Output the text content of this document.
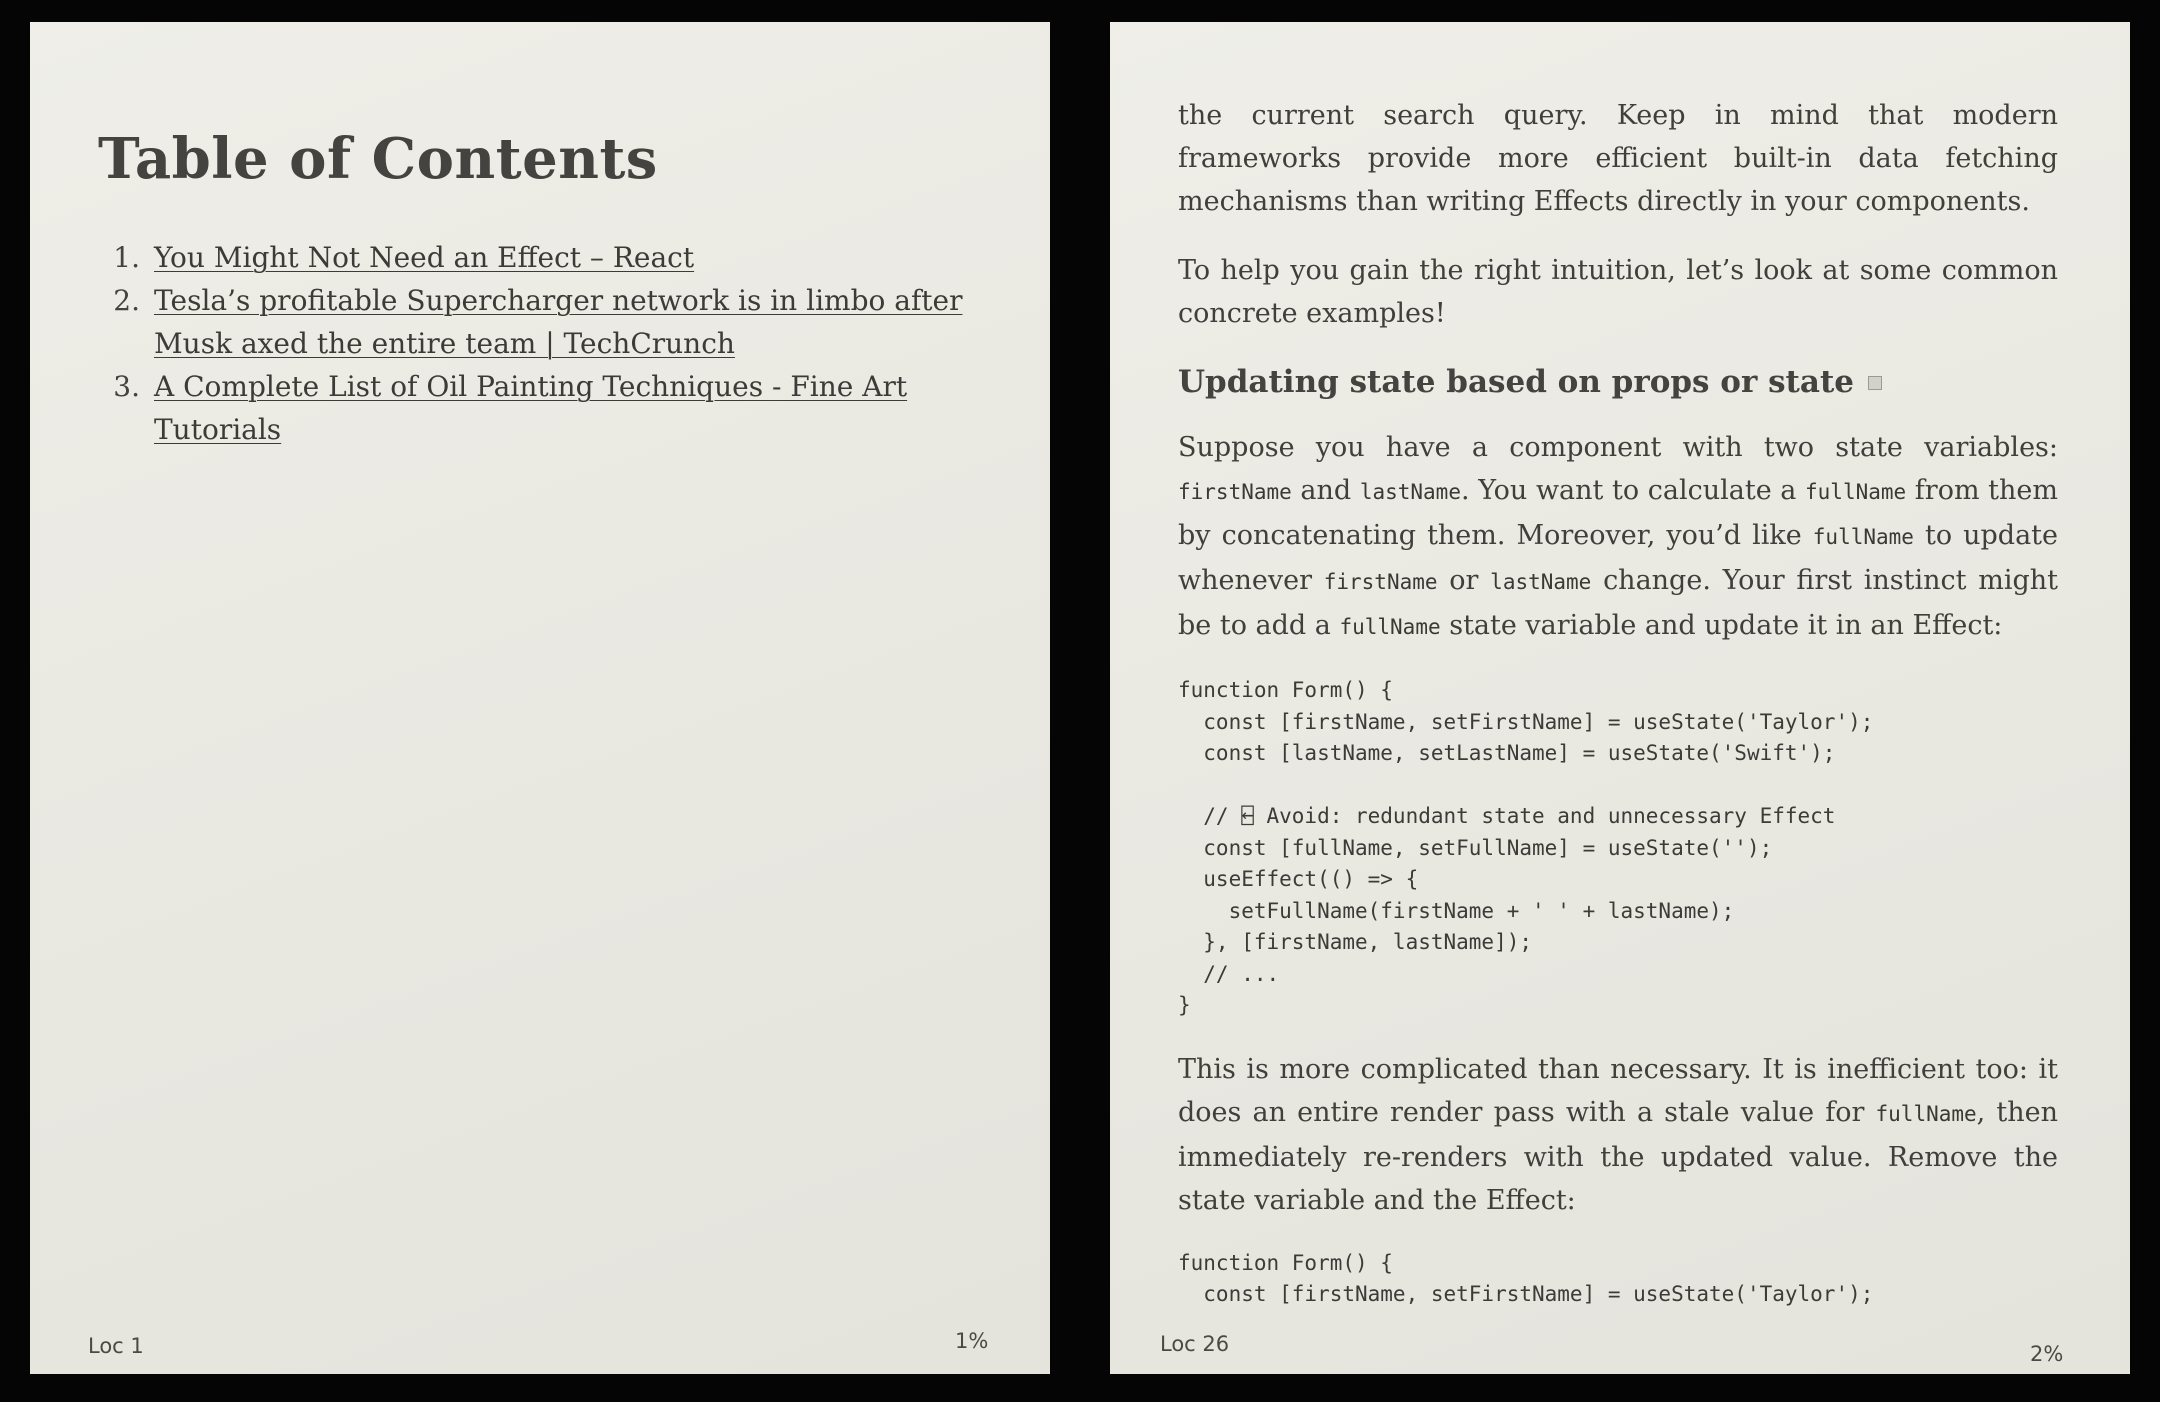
Table of Contents
1. You Might Not Need an Effect – React
2. Tesla’s profitable Supercharger network is in limbo after Musk axed the entire team | TechCrunch
3. A Complete List of Oil Painting Techniques - Fine Art Tutorials
Loc 1	1%

the current search query. Keep in mind that modern frameworks provide more efficient built-in data fetching mechanisms than writing Effects directly in your components.

To help you gain the right intuition, let’s look at some common concrete examples!

Updating state based on props or state

Suppose you have a component with two state variables: firstName and lastName. You want to calculate a fullName from them by concatenating them. Moreover, you’d like fullName to update whenever firstName or lastName change. Your first instinct might be to add a fullName state variable and update it in an Effect:

function Form() {
const [firstName, setFirstName] = useState('Taylor');
const [lastName, setLastName] = useState('Swift');

// ⍇ Avoid: redundant state and unnecessary Effect
const [fullName, setFullName] = useState('');
useEffect(() => {
setFullName(firstName + ' ' + lastName);
}, [firstName, lastName]);
// ...
}

This is more complicated than necessary. It is inefficient too: it does an entire render pass with a stale value for fullName, then immediately re-renders with the updated value. Remove the state variable and the Effect:

function Form() {
const [firstName, setFirstName] = useState('Taylor');
Loc 26	2%
